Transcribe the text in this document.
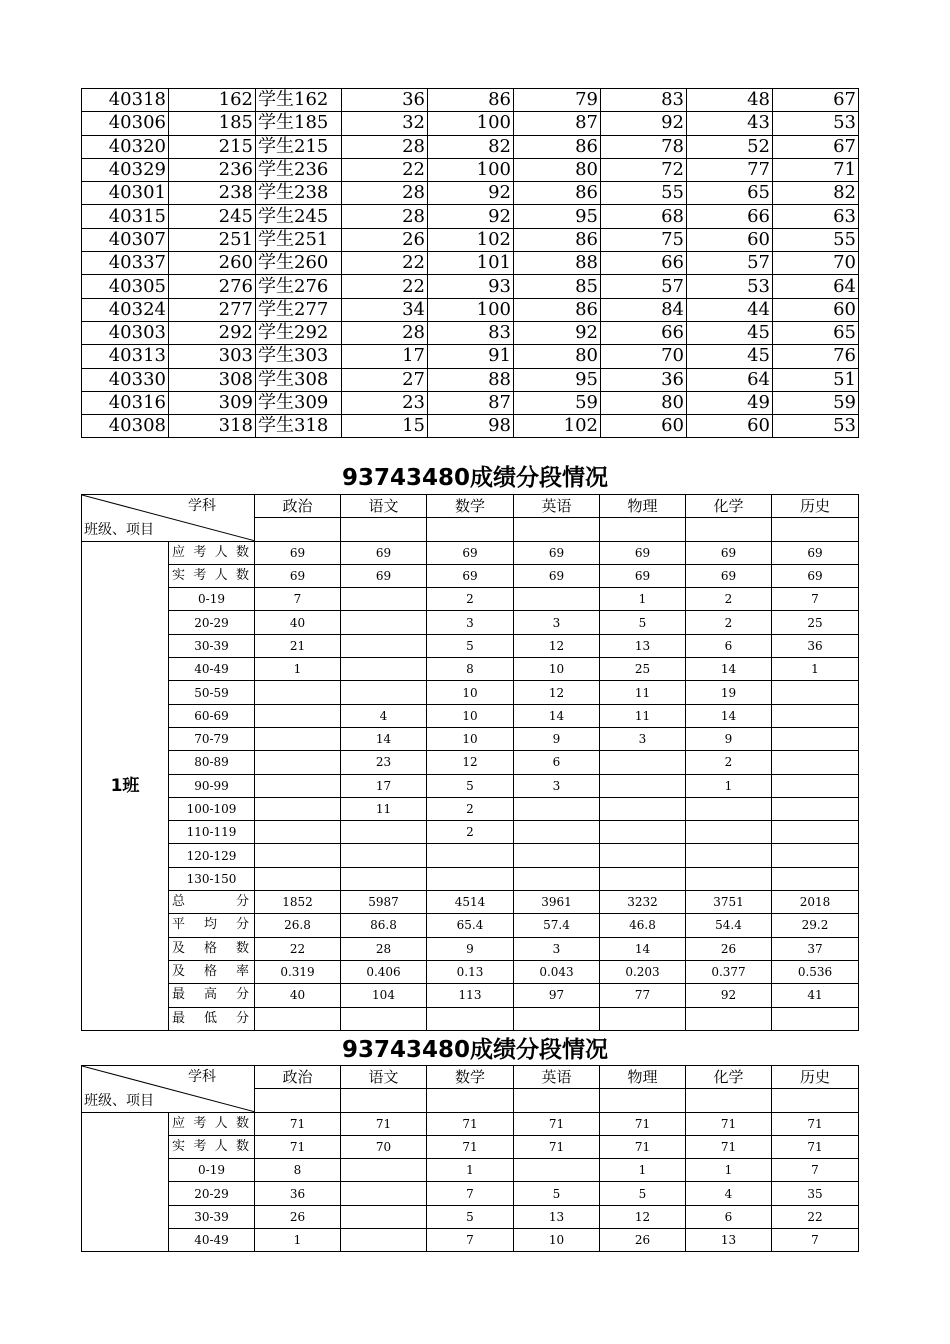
40318	162	学生162	36	86	79	83	48	67
40306	185	学生185	32	100	87	92	43	53
40320	215	学生215	28	82	86	78	52	67
40329	236	学生236	22	100	80	72	77	71
40301	238	学生238	28	92	86	55	65	82
40315	245	学生245	28	92	95	68	66	63
40307	251	学生251	26	102	86	75	60	55
40337	260	学生260	22	101	88	66	57	70
40305	276	学生276	22	93	85	57	53	64
40324	277	学生277	34	100	86	84	44	60
40303	292	学生292	28	83	92	66	45	65
40313	303	学生303	17	91	80	70	45	76
40330	308	学生308	27	88	95	36	64	51
40316	309	学生309	23	87	59	80	49	59
40308	318	学生318	15	98	102	60	60	53
93743480成绩分段情况
学科
班级、项目		政治	语文	数学	英语	物理	化学	历史

1班	应考人数	69	69	69	69	69	69	69
	实考人数	69	69	69	69	69	69	69
	0-19	7		2		1	2	7
	20-29	40		3	3	5	2	25
	30-39	21		5	12	13	6	36
	40-49	1		8	10	25	14	1
	50-59			10	12	11	19	
	60-69		4	10	14	11	14	
	70-79		14	10	9	3	9	
	80-89		23	12	6		2	
	90-99		17	5	3		1	
	100-109		11	2				
	110-119			2				
	120-129							
	130-150							
	总分	1852	5987	4514	3961	3232	3751	2018
	平均分	26.8	86.8	65.4	57.4	46.8	54.4	29.2
	及格数	22	28	9	3	14	26	37
	及格率	0.319	0.406	0.13	0.043	0.203	0.377	0.536
	最高分	40	104	113	97	77	92	41
	最低分							
93743480成绩分段情况
学科
班级、项目		政治	语文	数学	英语	物理	化学	历史

	应考人数	71	71	71	71	71	71	71
	实考人数	71	70	71	71	71	71	71
	0-19	8		1		1	1	7
	20-29	36		7	5	5	4	35
	30-39	26		5	13	12	6	22
	40-49	1		7	10	26	13	7
